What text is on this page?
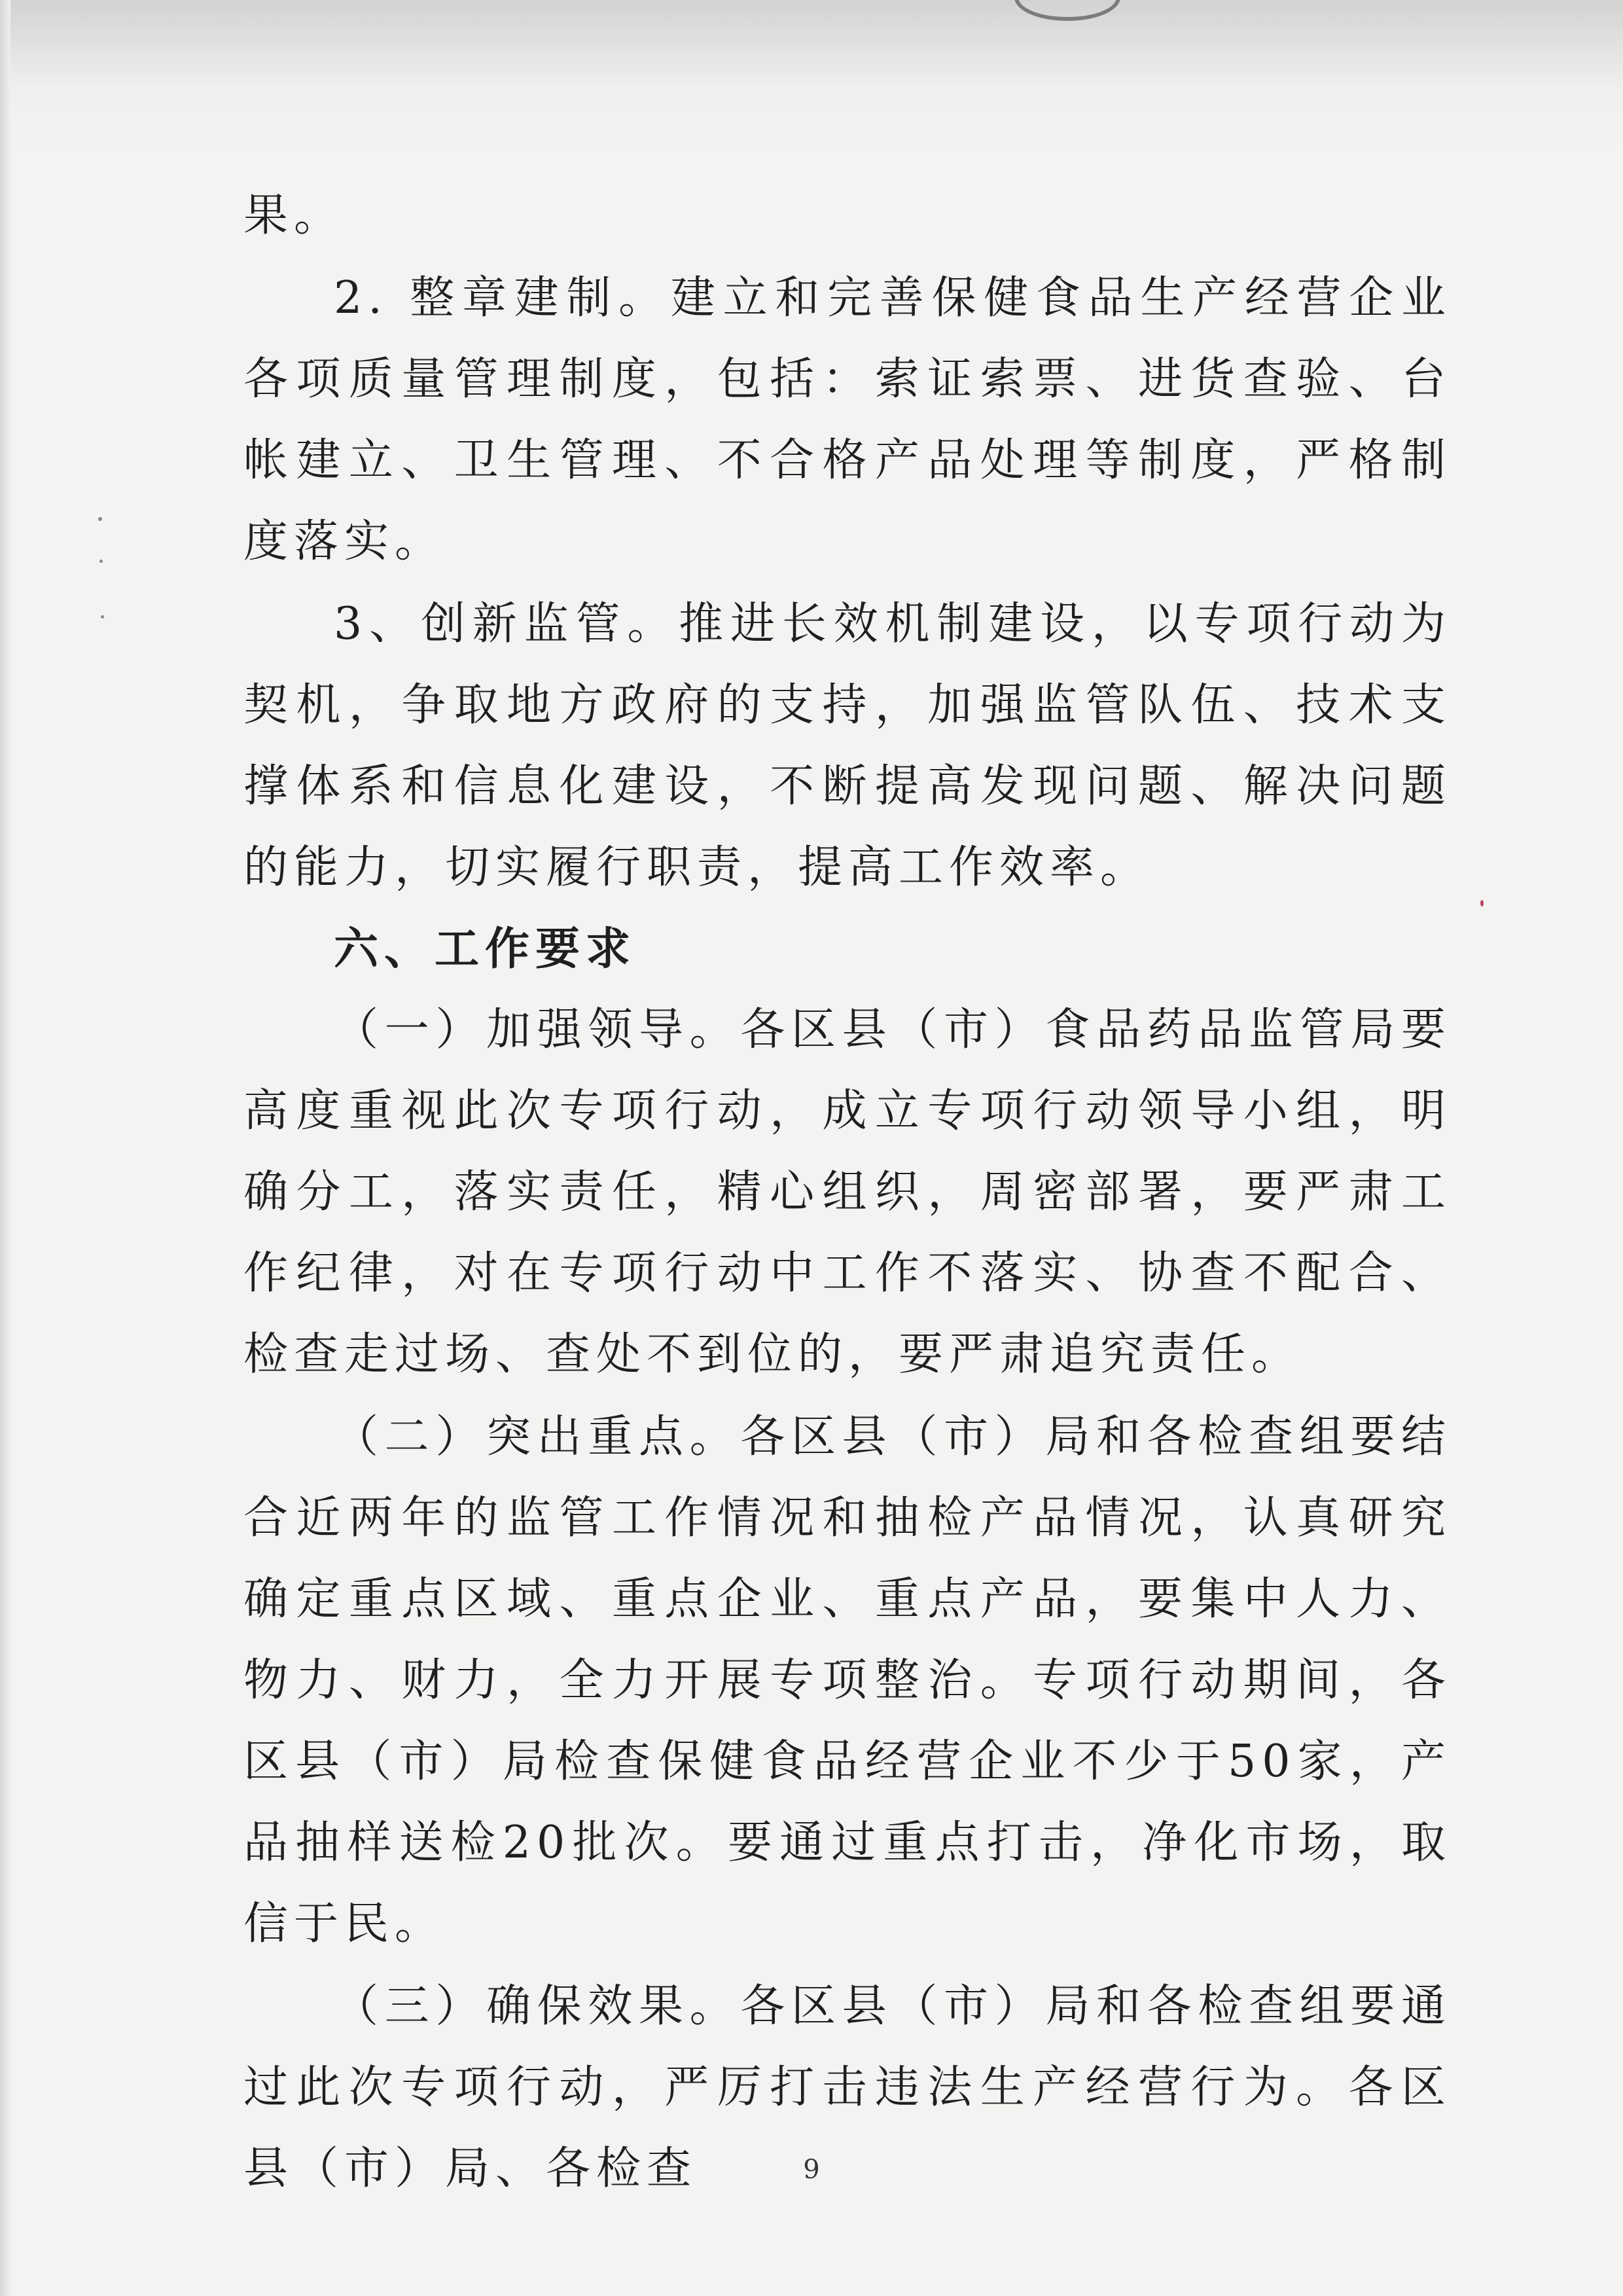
果。

2. 整章建制。建立和完善保健食品生产经营企业各项质量管理制度，包括：索证索票、进货查验、台帐建立、卫生管理、不合格产品处理等制度，严格制度落实。

3、创新监管。推进长效机制建设，以专项行动为契机，争取地方政府的支持，加强监管队伍、技术支撑体系和信息化建设，不断提高发现问题、解决问题的能力，切实履行职责，提高工作效率。

六、工作要求

（一）加强领导。各区县（市）食品药品监管局要高度重视此次专项行动，成立专项行动领导小组，明确分工，落实责任，精心组织，周密部署，要严肃工作纪律，对在专项行动中工作不落实、协查不配合、检查走过场、查处不到位的，要严肃追究责任。

（二）突出重点。各区县（市）局和各检查组要结合近两年的监管工作情况和抽检产品情况，认真研究确定重点区域、重点企业、重点产品，要集中人力、物力、财力，全力开展专项整治。专项行动期间，各区县（市）局检查保健食品经营企业不少于50家，产品抽样送检20批次。要通过重点打击，净化市场，取信于民。

（三）确保效果。各区县（市）局和各检查组要通过此次专项行动，严厉打击违法生产经营行为。各区县（市）局、各检查	9
